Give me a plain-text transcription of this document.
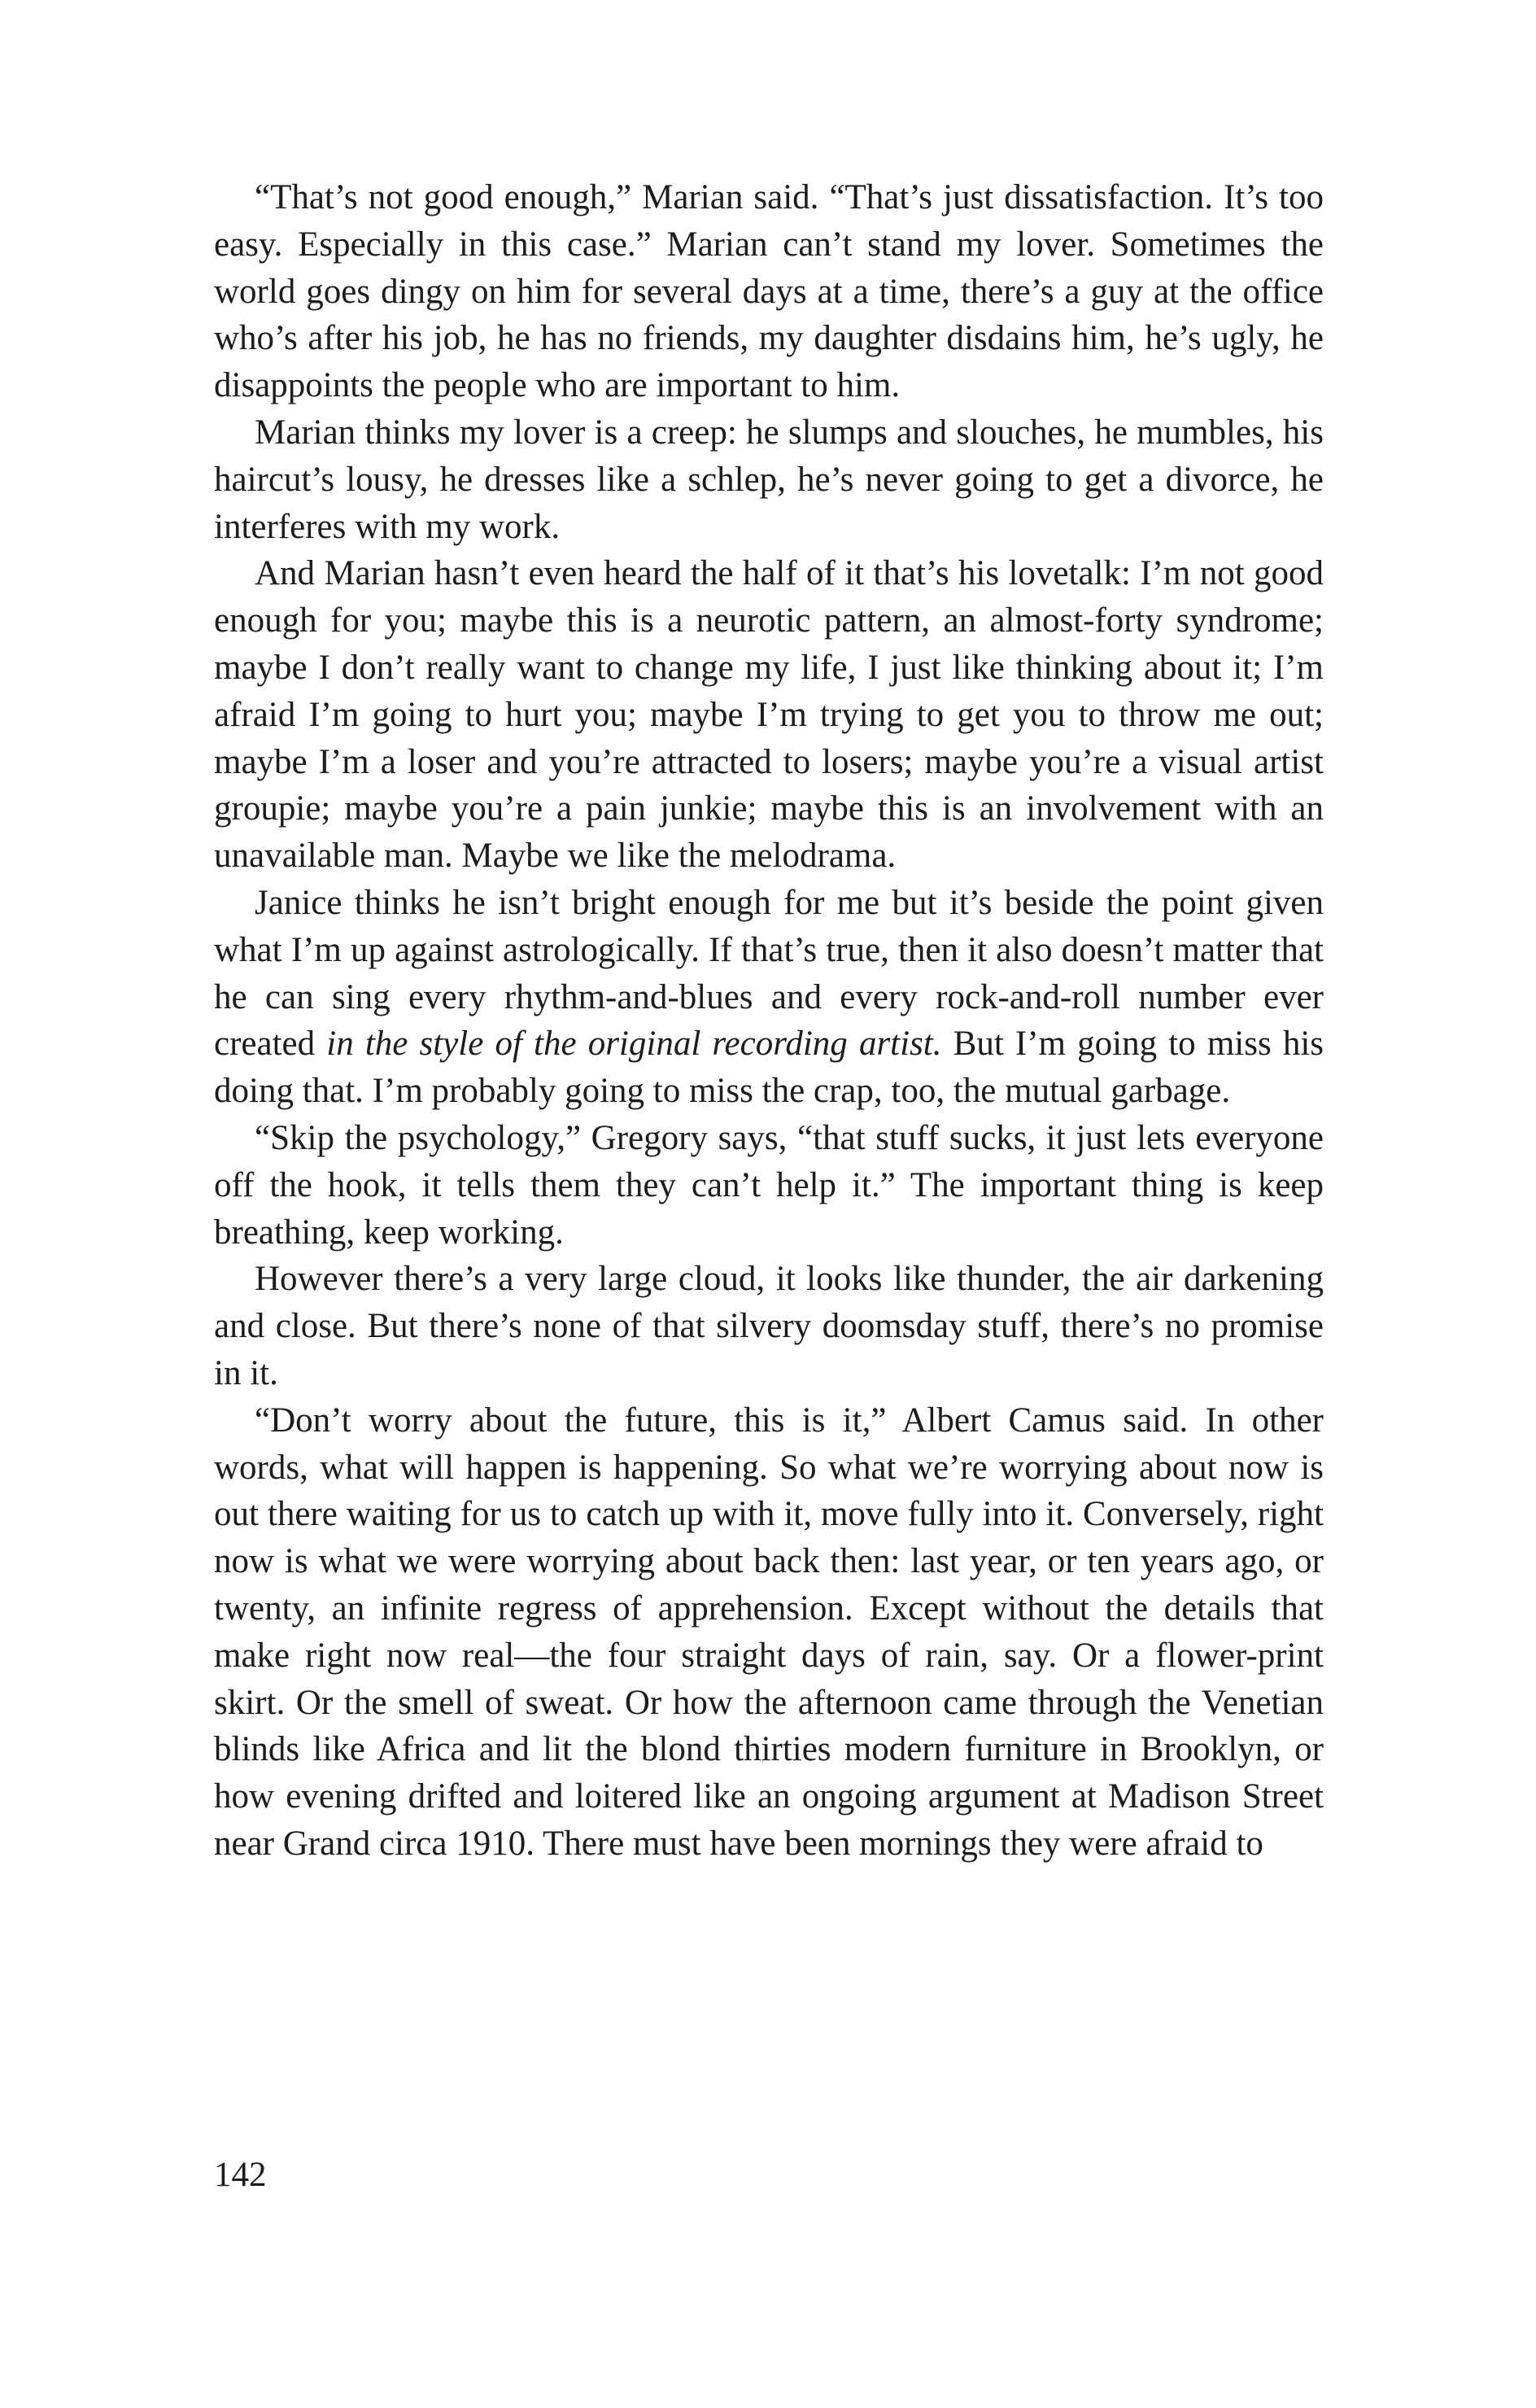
“That’s not good enough,” Marian said. “That’s just dissatisfaction. It’s too easy. Especially in this case.” Marian can’t stand my lover. Sometimes the world goes dingy on him for several days at a time, there’s a guy at the office who’s after his job, he has no friends, my daughter disdains him, he’s ugly, he disappoints the people who are important to him.

Marian thinks my lover is a creep: he slumps and slouches, he mumbles, his haircut’s lousy, he dresses like a schlep, he’s never going to get a divorce, he interferes with my work.

And Marian hasn’t even heard the half of it that’s his lovetalk: I’m not good enough for you; maybe this is a neurotic pattern, an almost-forty syndrome; maybe I don’t really want to change my life, I just like thinking about it; I’m afraid I’m going to hurt you; maybe I’m trying to get you to throw me out; maybe I’m a loser and you’re attracted to losers; maybe you’re a visual artist groupie; maybe you’re a pain junkie; maybe this is an involvement with an unavailable man. Maybe we like the melodrama.

Janice thinks he isn’t bright enough for me but it’s beside the point given what I’m up against astrologically. If that’s true, then it also doesn’t matter that he can sing every rhythm-and-blues and every rock-and-roll number ever created in the style of the original recording artist. But I’m going to miss his doing that. I’m probably going to miss the crap, too, the mutual garbage.

“Skip the psychology,” Gregory says, “that stuff sucks, it just lets everyone off the hook, it tells them they can’t help it.” The important thing is keep breathing, keep working.

However there’s a very large cloud, it looks like thunder, the air darkening and close. But there’s none of that silvery doomsday stuff, there’s no promise in it.

“Don’t worry about the future, this is it,” Albert Camus said. In other words, what will happen is happening. So what we’re worrying about now is out there waiting for us to catch up with it, move fully into it. Conversely, right now is what we were worrying about back then: last year, or ten years ago, or twenty, an infinite regress of apprehension. Except without the details that make right now real—the four straight days of rain, say. Or a flower-print skirt. Or the smell of sweat. Or how the afternoon came through the Venetian blinds like Africa and lit the blond thirties modern furniture in Brooklyn, or how evening drifted and loitered like an ongoing argument at Madison Street near Grand circa 1910. There must have been mornings they were afraid to

142
